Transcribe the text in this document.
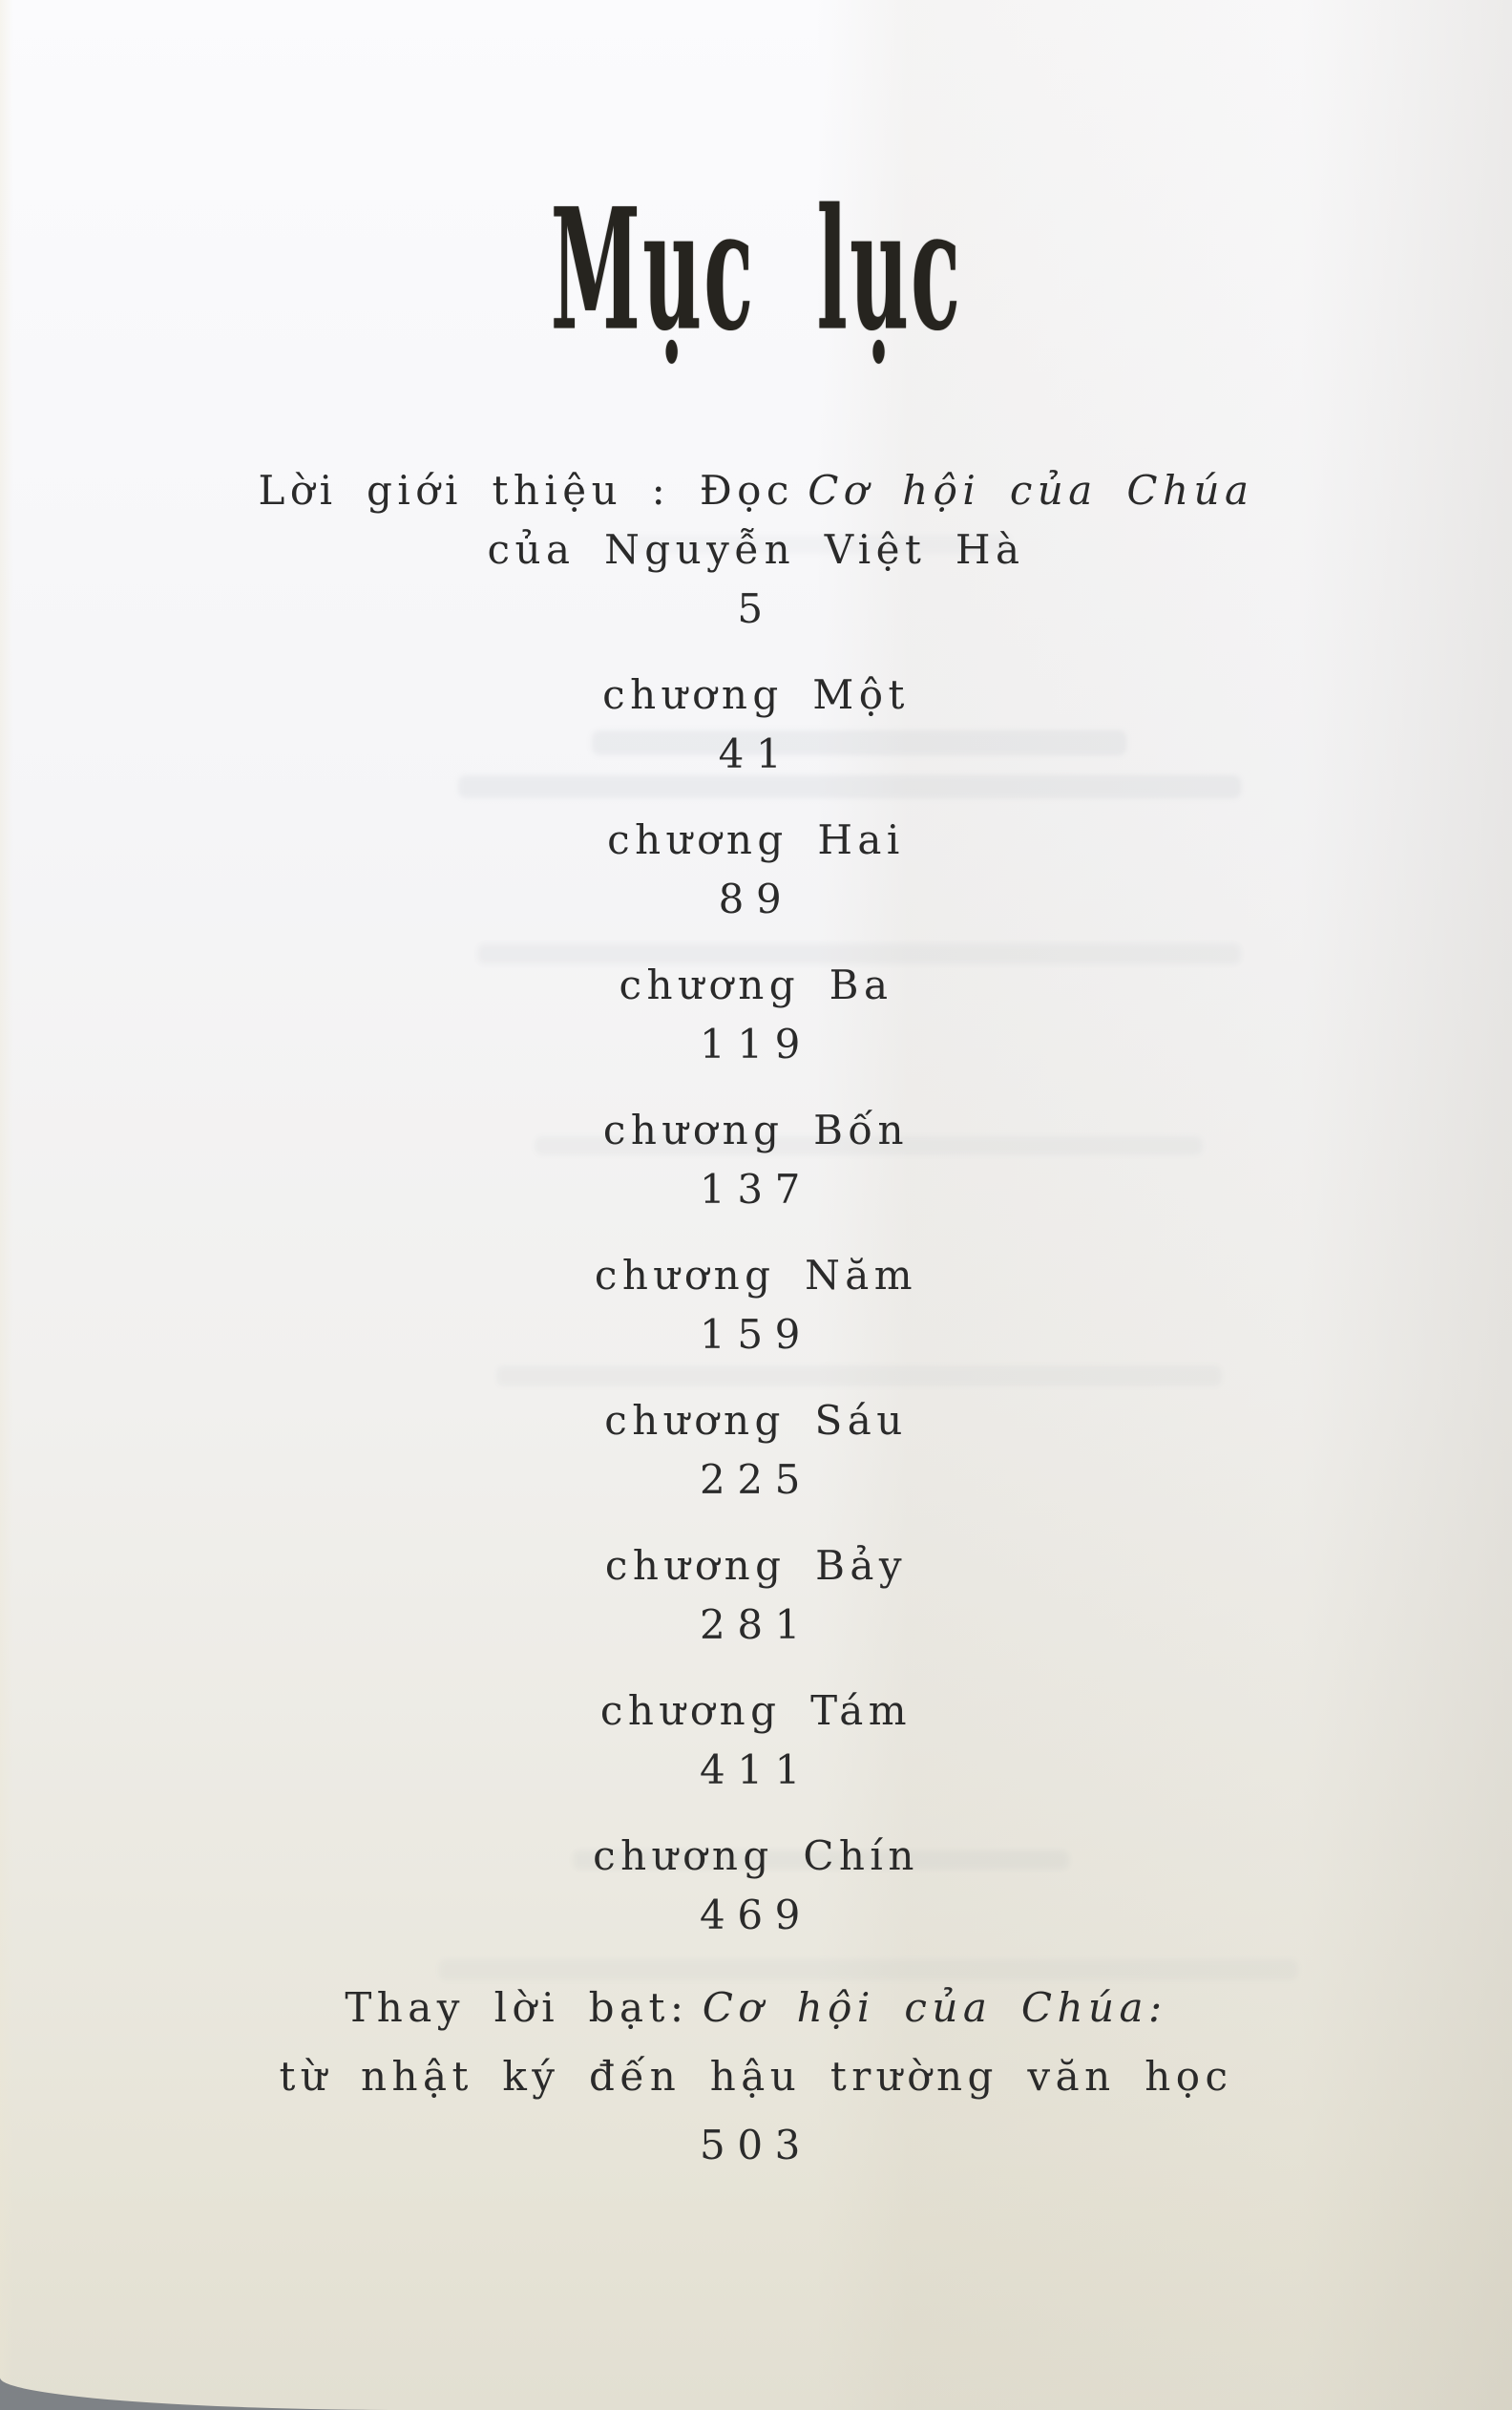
Mục lục
Lời giới thiệu : Đọc Cơ hội của Chúa
của Nguyễn Việt Hà
5
chương Một
41
chương Hai
89
chương Ba
119
chương Bốn
137
chương Năm
159
chương Sáu
225
chương Bảy
281
chương Tám
411
chương Chín
469
Thay lời bạt: Cơ hội của Chúa:
từ nhật ký đến hậu trường văn học
503
